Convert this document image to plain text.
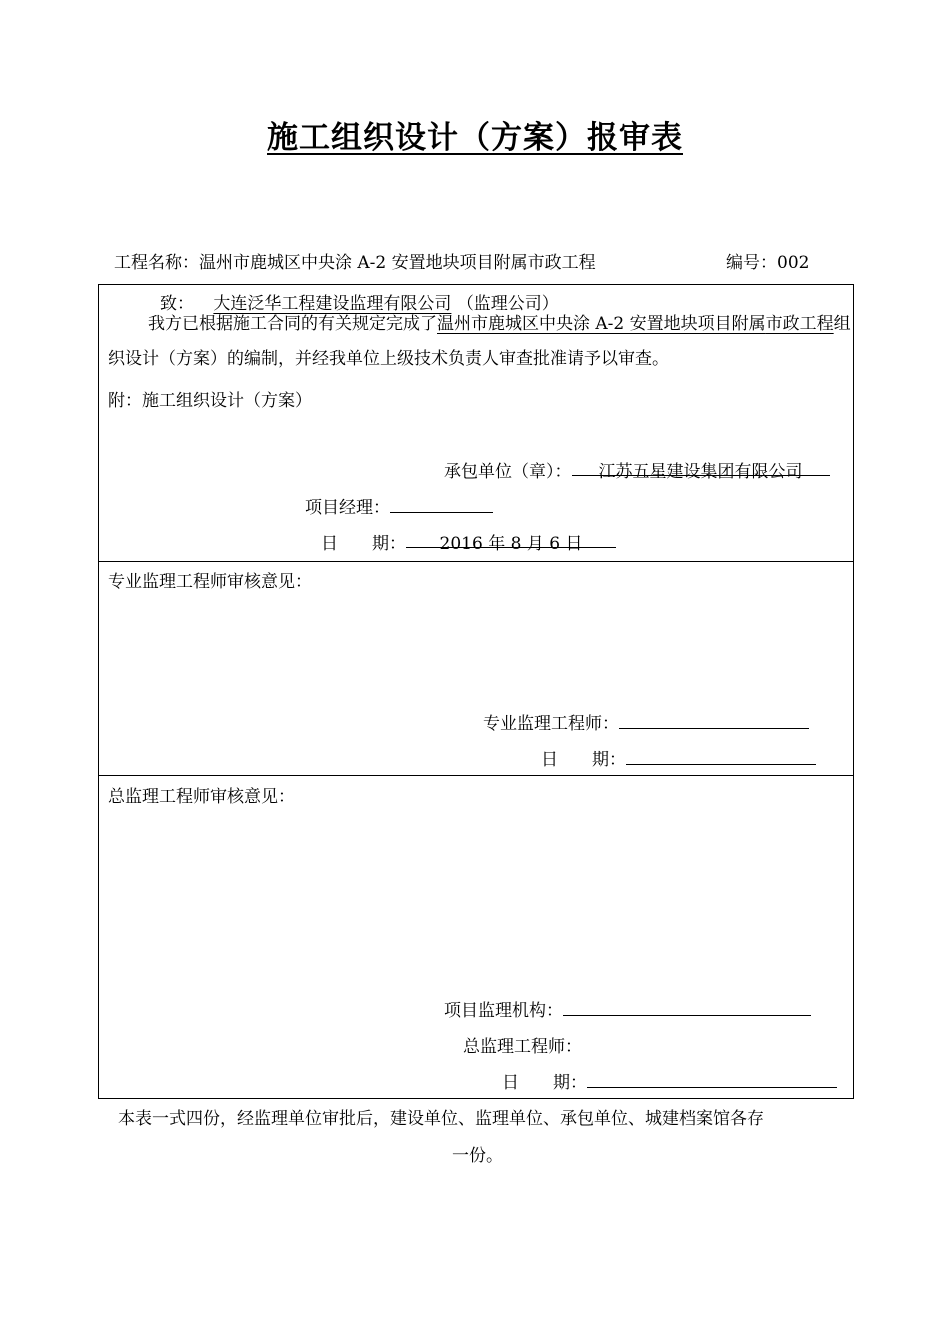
施工组织设计（方案）报审表
工程名称：温州市鹿城区中央涂 A-2 安置地块项目附属市政工程	编号：002
致： 大连泛华工程建设监理有限公司 （监理公司）
我方已根据施工合同的有关规定完成了温州市鹿城区中央涂 A-2 安置地块项目附属市政工程组织设计（方案）的编制，并经我单位上级技术负责人审查批准请予以审查。
附：施工组织设计（方案）
承包单位（章）： 江苏五星建设集团有限公司
项目经理：
日　　期： 2016 年 8 月 6 日
专业监理工程师审核意见：
专业监理工程师：
日　　期：
总监理工程师审核意见：
项目监理机构：
总监理工程师：
日　　期：
本表一式四份，经监理单位审批后，建设单位、监理单位、承包单位、城建档案馆各存
一份。
